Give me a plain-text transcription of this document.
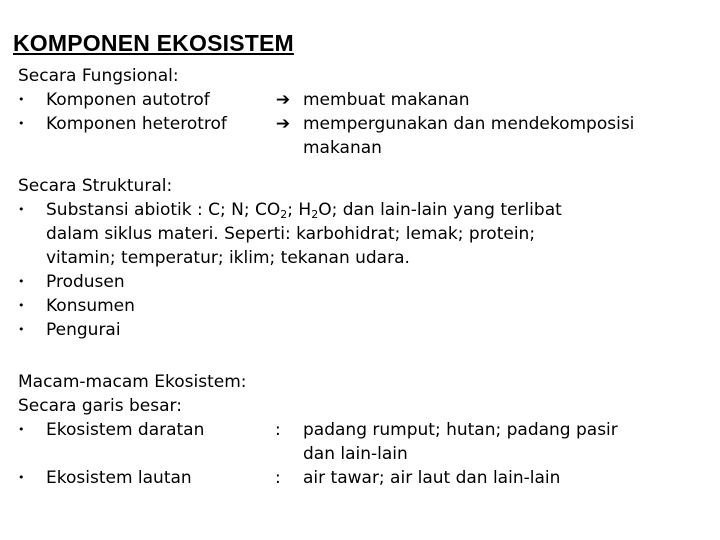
KOMPONEN EKOSISTEM
Secara Fungsional:
•	Komponen autotrof	➔ membuat makanan
•	Komponen heterotrof	➔ mempergunakan dan mendekomposisi
makanan
Secara Struktural:
•	Substansi abiotik : C; N; $CO_2$; $H_2O$; dan lain-lain yang terlibat
dalam siklus materi. Seperti: karbohidrat; lemak; protein;
vitamin; temperatur; iklim; tekanan udara.
•	Produsen
•	Konsumen
•	Pengurai
Macam-macam Ekosistem:
Secara garis besar:
•	Ekosistem daratan	: padang rumput; hutan; padang pasir
dan lain-lain
•	Ekosistem lautan	: air tawar; air laut dan lain-lain
